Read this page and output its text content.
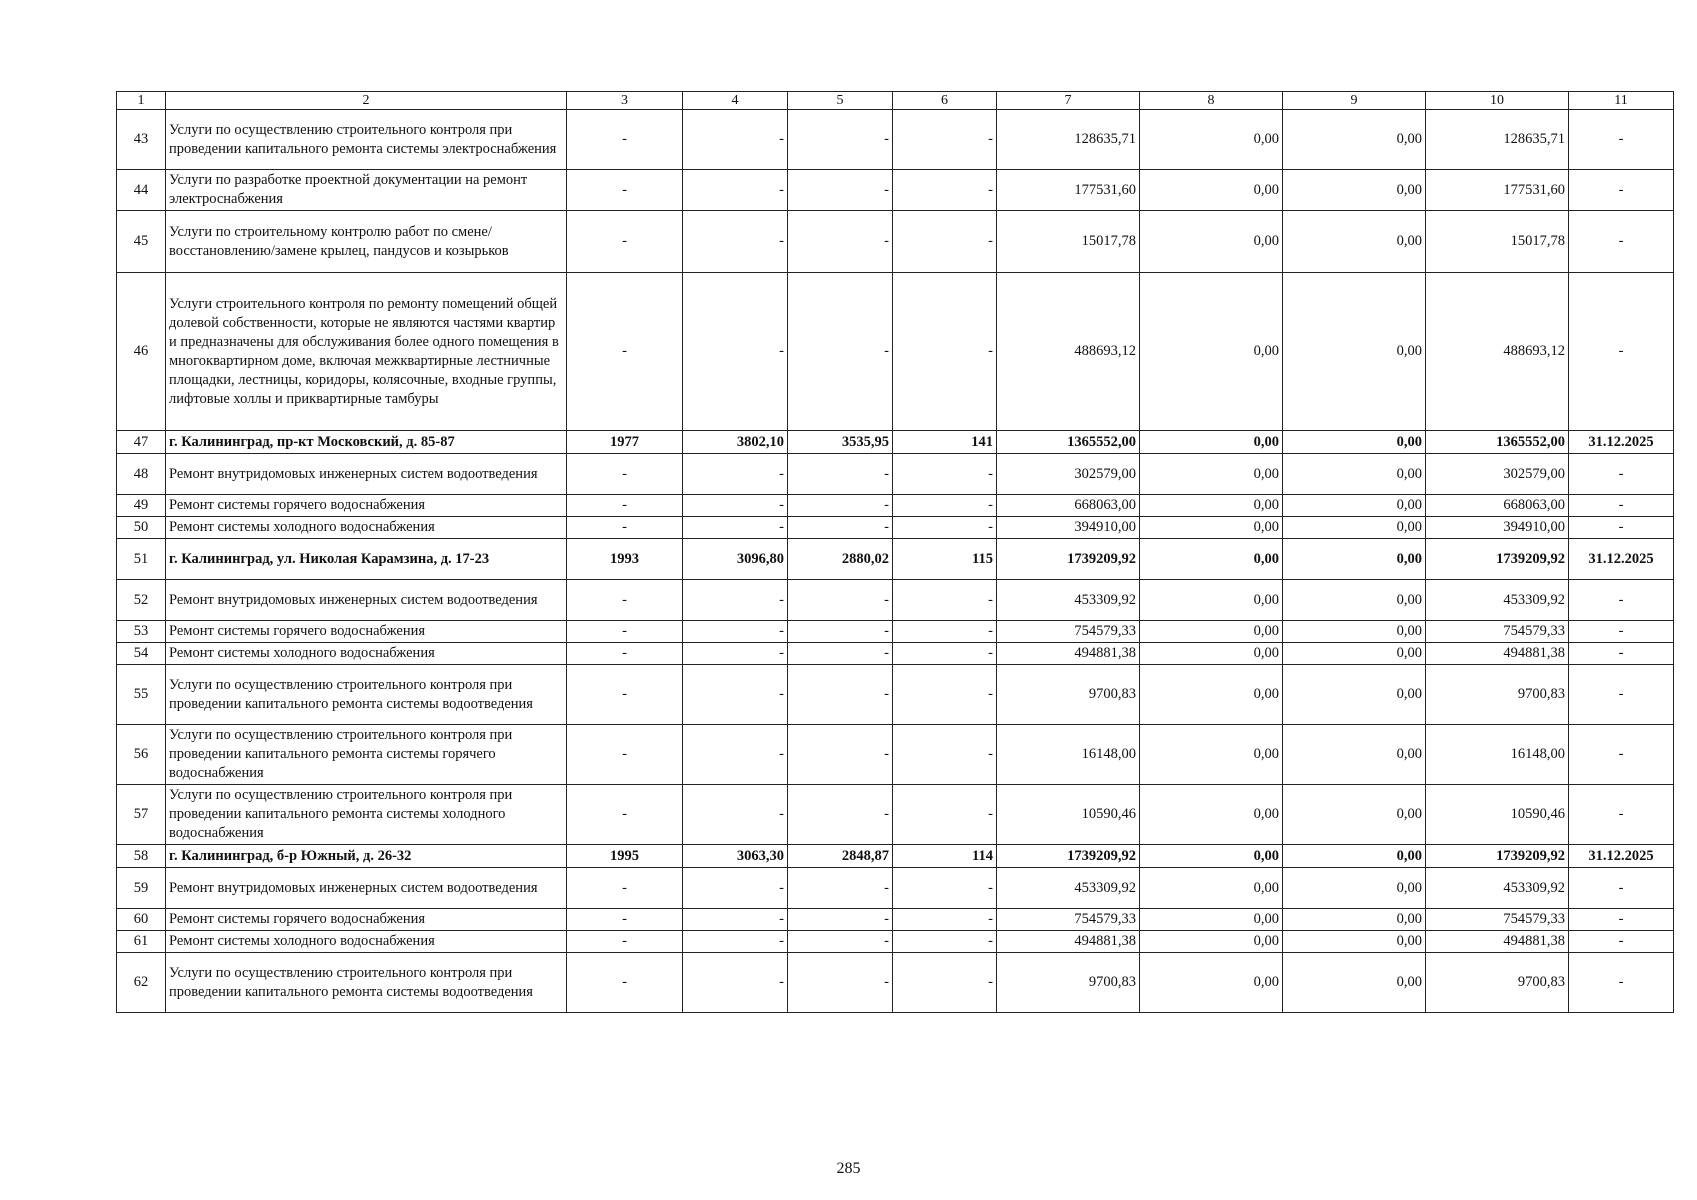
1	2	3	4	5	6	7	8	9	10	11
43	Услуги по осуществлению строительного контроля при проведении капитального ремонта системы электроснабжения	-	-	-	-	128635,71	0,00	0,00	128635,71	-
44	Услуги по разработке проектной документации на ремонт электроснабжения	-	-	-	-	177531,60	0,00	0,00	177531,60	-
45	Услуги по строительному контролю работ по смене/восстановлению/замене крылец, пандусов и козырьков	-	-	-	-	15017,78	0,00	0,00	15017,78	-
46	Услуги строительного контроля по ремонту помещений общей долевой собственности, которые не являются частями квартир и предназначены для обслуживания более одного помещения в многоквартирном доме, включая межквартирные лестничные площадки, лестницы, коридоры, колясочные, входные группы, лифтовые холлы и приквартирные тамбуры	-	-	-	-	488693,12	0,00	0,00	488693,12	-
47	г. Калининград, пр-кт Московский, д. 85-87	1977	3802,10	3535,95	141	1365552,00	0,00	0,00	1365552,00	31.12.2025
48	Ремонт внутридомовых инженерных систем водоотведения	-	-	-	-	302579,00	0,00	0,00	302579,00	-
49	Ремонт системы горячего водоснабжения	-	-	-	-	668063,00	0,00	0,00	668063,00	-
50	Ремонт системы холодного водоснабжения	-	-	-	-	394910,00	0,00	0,00	394910,00	-
51	г. Калининград, ул. Николая Карамзина, д. 17-23	1993	3096,80	2880,02	115	1739209,92	0,00	0,00	1739209,92	31.12.2025
52	Ремонт внутридомовых инженерных систем водоотведения	-	-	-	-	453309,92	0,00	0,00	453309,92	-
53	Ремонт системы горячего водоснабжения	-	-	-	-	754579,33	0,00	0,00	754579,33	-
54	Ремонт системы холодного водоснабжения	-	-	-	-	494881,38	0,00	0,00	494881,38	-
55	Услуги по осуществлению строительного контроля при проведении капитального ремонта системы водоотведения	-	-	-	-	9700,83	0,00	0,00	9700,83	-
56	Услуги по осуществлению строительного контроля при проведении капитального ремонта системы горячего водоснабжения	-	-	-	-	16148,00	0,00	0,00	16148,00	-
57	Услуги по осуществлению строительного контроля при проведении капитального ремонта системы холодного водоснабжения	-	-	-	-	10590,46	0,00	0,00	10590,46	-
58	г. Калининград, б-р Южный, д. 26-32	1995	3063,30	2848,87	114	1739209,92	0,00	0,00	1739209,92	31.12.2025
59	Ремонт внутридомовых инженерных систем водоотведения	-	-	-	-	453309,92	0,00	0,00	453309,92	-
60	Ремонт системы горячего водоснабжения	-	-	-	-	754579,33	0,00	0,00	754579,33	-
61	Ремонт системы холодного водоснабжения	-	-	-	-	494881,38	0,00	0,00	494881,38	-
62	Услуги по осуществлению строительного контроля при проведении капитального ремонта системы водоотведения	-	-	-	-	9700,83	0,00	0,00	9700,83	-
285
